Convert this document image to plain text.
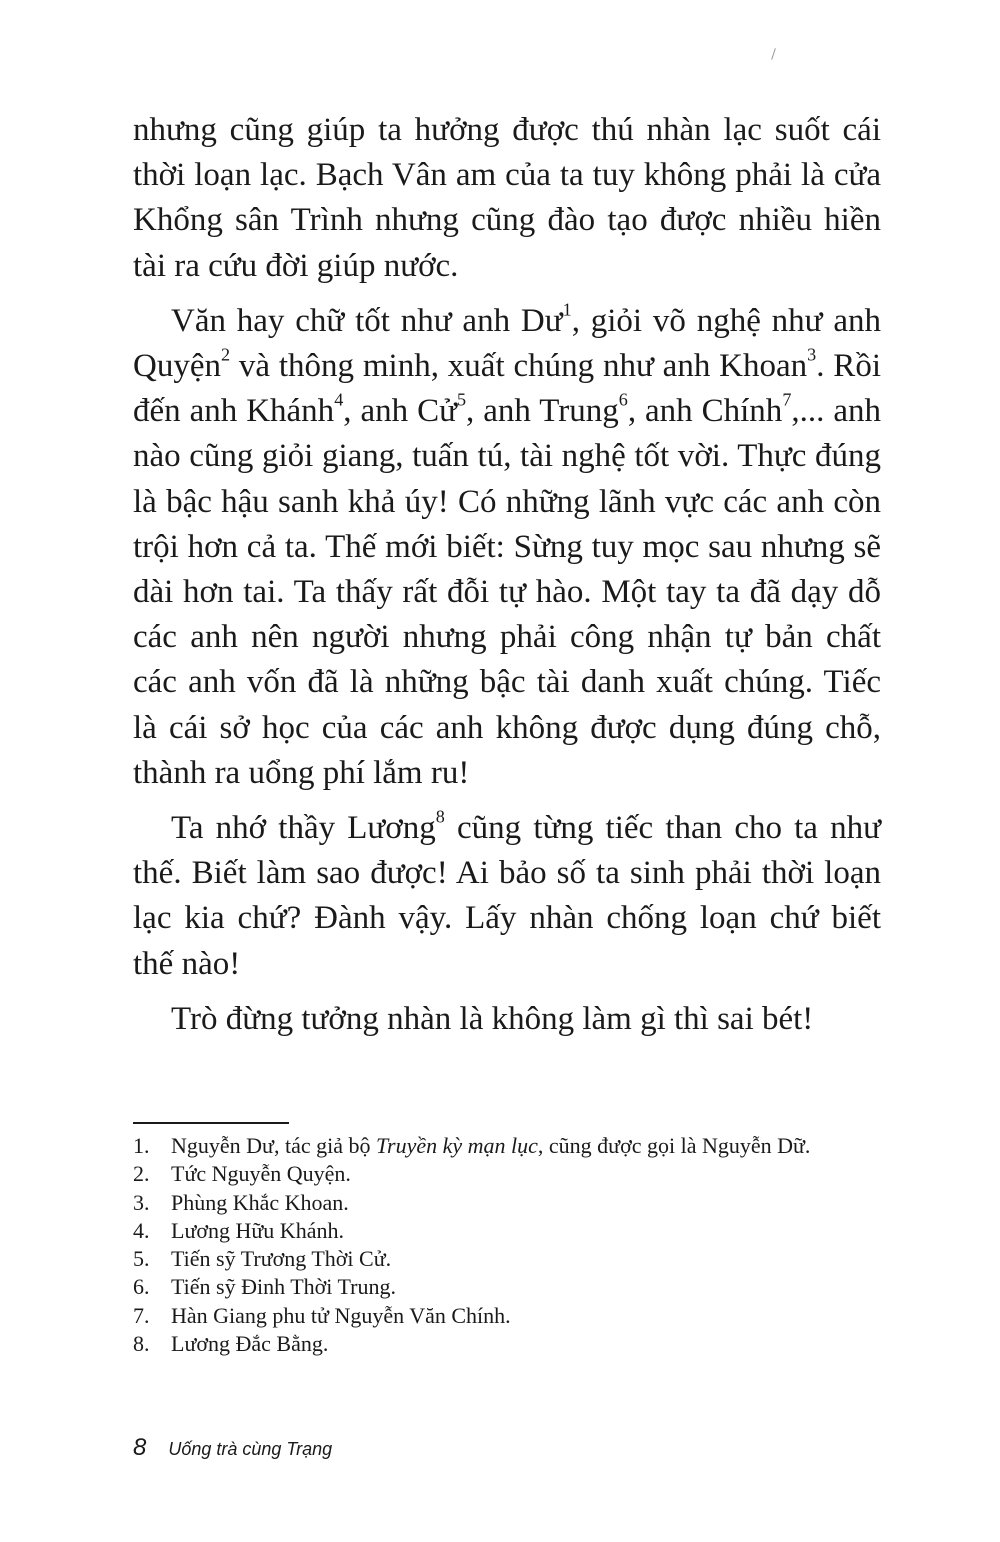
nhưng cũng giúp ta hưởng được thú nhàn lạc suốt cái thời loạn lạc. Bạch Vân am của ta tuy không phải là cửa Khổng sân Trình nhưng cũng đào tạo được nhiều hiền tài ra cứu đời giúp nước.

Văn hay chữ tốt như anh $Dư^1$, giỏi võ nghệ như anh Quyện$^2$ và thông minh, xuất chúng như anh Khoan$^3$. Rồi đến anh Khánh$^4$, anh Cử$^5$, anh Trung$^6$, anh Chính$^7$,... anh nào cũng giỏi giang, tuấn tú, tài nghệ tốt vời. Thực đúng là bậc hậu sanh khả úy! Có những lãnh vực các anh còn trội hơn cả ta. Thế mới biết: Sừng tuy mọc sau nhưng sẽ dài hơn tai. Ta thấy rất đỗi tự hào. Một tay ta đã dạy dỗ các anh nên người nhưng phải công nhận tự bản chất các anh vốn đã là những bậc tài danh xuất chúng. Tiếc là cái sở học của các anh không được dụng đúng chỗ, thành ra uổng phí lắm ru!

Ta nhớ thầy Lương$^8$ cũng từng tiếc than cho ta như thế. Biết làm sao được! Ai bảo số ta sinh phải thời loạn lạc kia chứ? Đành vậy. Lấy nhàn chống loạn chứ biết thế nào!

Trò đừng tưởng nhàn là không làm gì thì sai bét!

1. Nguyễn Dư, tác giả bộ Truyền kỳ mạn lục, cũng được gọi là Nguyễn Dữ.
2. Tức Nguyễn Quyện.
3. Phùng Khắc Khoan.
4. Lương Hữu Khánh.
5. Tiến sỹ Trương Thời Cử.
6. Tiến sỹ Đinh Thời Trung.
7. Hàn Giang phu tử Nguyễn Văn Chính.
8. Lương Đắc Bằng.
8 Uống trà cùng Trạng
